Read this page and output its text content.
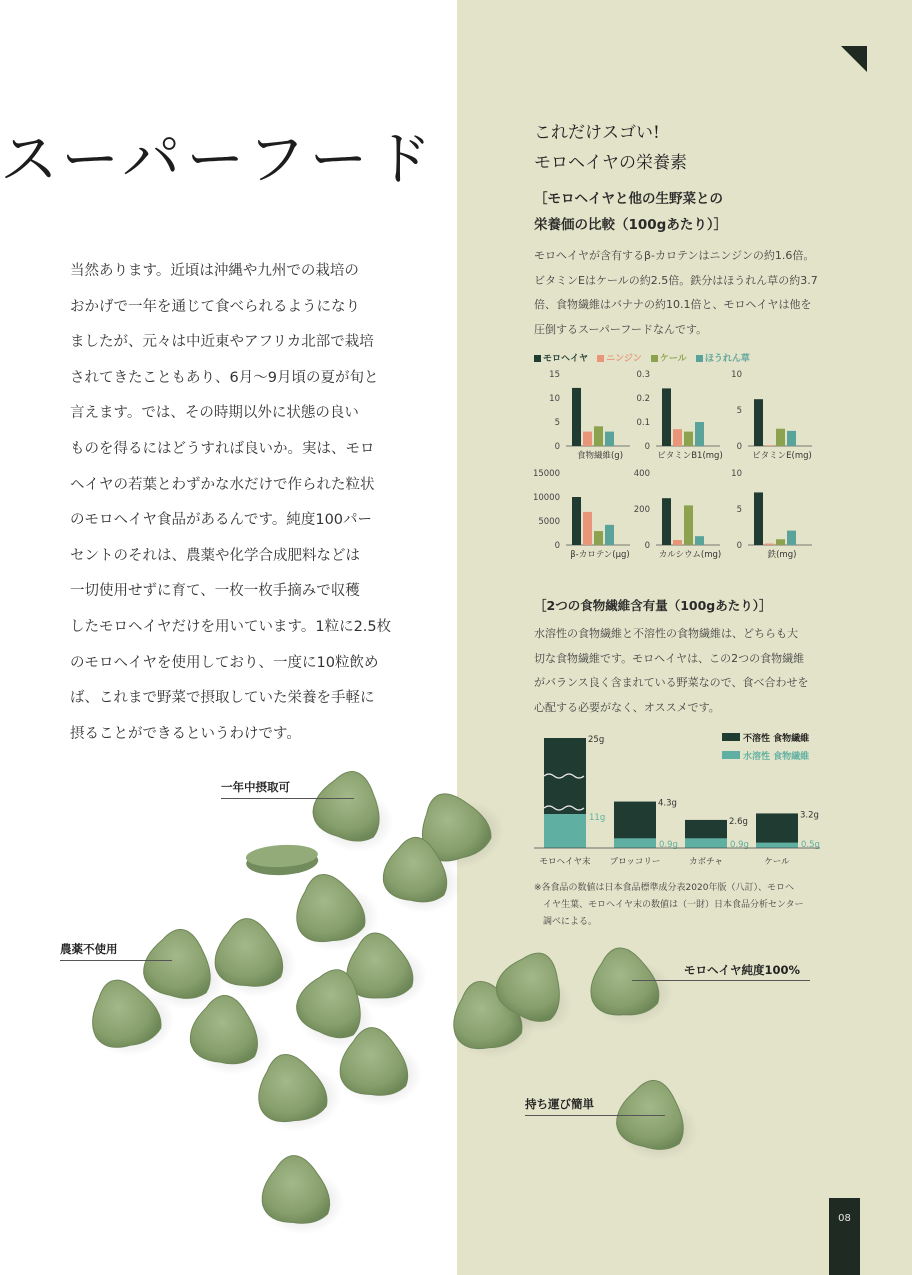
スーパーフード

当然あります。近頃は沖縄や九州での栽培の

おかげで一年を通じて食べられるようになり

ましたが、元々は中近東やアフリカ北部で栽培

されてきたこともあり、6月〜9月頃の夏が旬と

言えます。では、その時期以外に状態の良い

ものを得るにはどうすれば良いか。実は、モロ

ヘイヤの若葉とわずかな水だけで作られた粒状

のモロヘイヤ食品があるんです。純度100パー

セントのそれは、農薬や化学合成肥料などは

一切使用せずに育て、一枚一枚手摘みで収穫

したモロヘイヤだけを用いています。1粒に2.5枚

のモロヘイヤを使用しており、一度に10粒飲め

ば、これまで野菜で摂取していた栄養を手軽に

摂ることができるというわけです。

これだけスゴい!
モロヘイヤの栄養素
［モロヘイヤと他の生野菜との
栄養価の比較（100gあたり）］
モロヘイヤが含有するβ-カロテンはニンジンの約1.6倍。
ビタミンEはケールの約2.5倍。鉄分はほうれん草の約3.7
倍、食物繊維はバナナの約10.1倍と、モロヘイヤは他を
圧倒するスーパーフードなんです。
モロヘイヤ ニンジン ケール ほうれん草
15
10
5
0
食物繊維(g)
0.3
0.2
0.1
0
ビタミンB1(mg)
10
5
0
ビタミンE(mg)
15000
10000
5000
0
β-カロテン(μg)
400
200
0
カルシウム(mg)
10
5
0
鉄(mg)
［2つの食物繊維含有量（100gあたり）］
水溶性の食物繊維と不溶性の食物繊維は、どちらも大
切な食物繊維です。モロヘイヤは、この2つの食物繊維
がバランス良く含まれている野菜なので、食べ合わせを
心配する必要がなく、オススメです。
25g
11g
モロヘイヤ末
4.3g
0.9g
ブロッコリー
2.6g
0.9g
カボチャ
3.2g
0.5g
ケール
不溶性 食物繊維
水溶性 食物繊維
※各食品の数値は日本食品標準成分表2020年版（八訂）、モロヘ
　イヤ生葉、モロヘイヤ末の数値は（一財）日本食品分析センター
　調べによる。
一年中摂取可
農薬不使用
モロヘイヤ純度100%
持ち運び簡単
08
